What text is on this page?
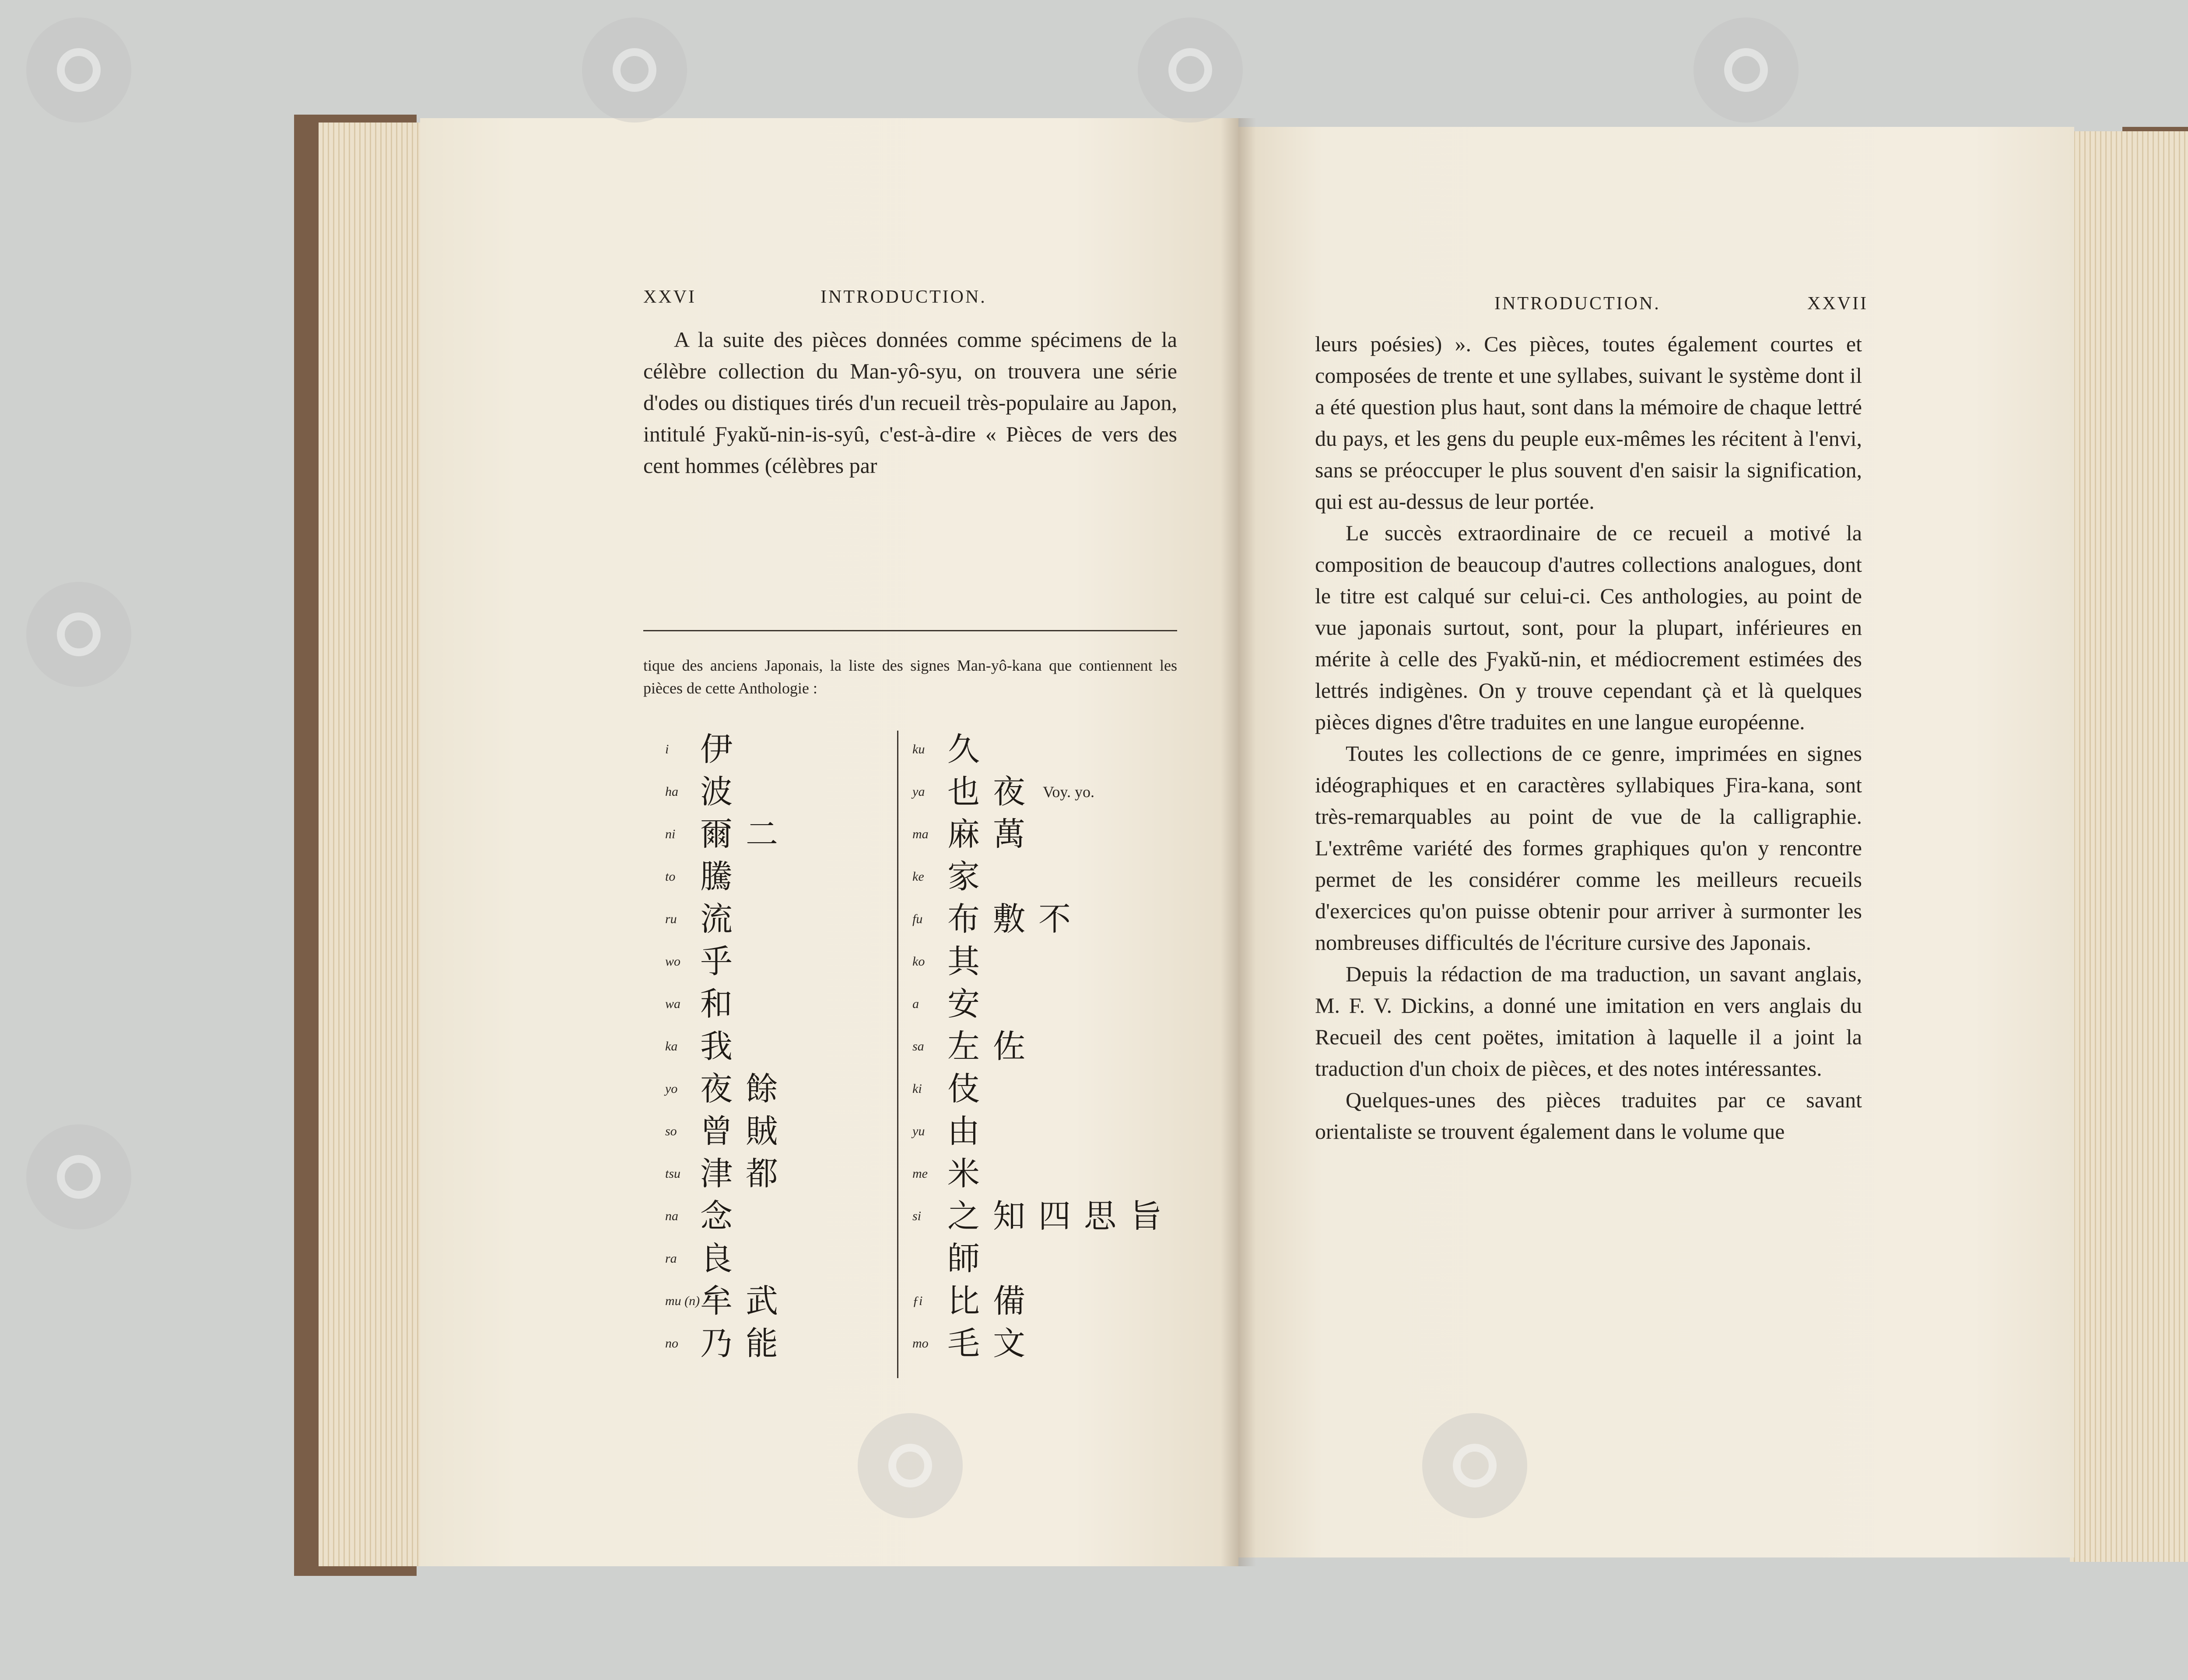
XXVI	INTRODUCTION.

A la suite des pièces données comme spécimens de la célèbre collection du Man-yô-syu, on trouvera une série d'odes ou distiques tirés d'un recueil très-populaire au Japon, intitulé Ƒyakŭ-nin-is-syû, c'est-à-dire « Pièces de vers des cent hommes (célèbres par

tique des anciens Japonais, la liste des signes Man-yô-kana que contiennent les pièces de cette Anthologie :
i 伊
ha 波
ni 爾 二
to 騰
ru 流
wo 乎
wa 和
ka 我
yo 夜 餘
so 曾 賊
tsu 津 都
na 念
ra 良
mu (n) 牟 武
no 乃 能
ku 久
ya 也 夜 Voy. yo.
ma 麻 萬
ke 家
fu 布 敷 不
ko 其
a 安
sa 左 佐
ki 伎
yu 由
me 米
si 之 知 四 思 旨
師
ƒi 比 備
mo 毛 文
INTRODUCTION.	XXVII

leurs poésies) ». Ces pièces, toutes également courtes et composées de trente et une syllabes, suivant le système dont il a été question plus haut, sont dans la mémoire de chaque lettré du pays, et les gens du peuple eux-mêmes les récitent à l'envi, sans se préoccuper le plus souvent d'en saisir la signification, qui est au-dessus de leur portée.

Le succès extraordinaire de ce recueil a motivé la composition de beaucoup d'autres collections analogues, dont le titre est calqué sur celui-ci. Ces anthologies, au point de vue japonais surtout, sont, pour la plupart, inférieures en mérite à celle des Ƒyakŭ-nin, et médiocrement estimées des lettrés indigènes. On y trouve cependant çà et là quelques pièces dignes d'être traduites en une langue européenne.

Toutes les collections de ce genre, imprimées en signes idéographiques et en caractères syllabiques Ƒira-kana, sont très-remarquables au point de vue de la calligraphie. L'extrême variété des formes graphiques qu'on y rencontre permet de les considérer comme les meilleurs recueils d'exercices qu'on puisse obtenir pour arriver à surmonter les nombreuses difficultés de l'écriture cursive des Japonais.

Depuis la rédaction de ma traduction, un savant anglais, M. F. V. Dickins, a donné une imitation en vers anglais du Recueil des cent poëtes, imitation à laquelle il a joint la traduction d'un choix de pièces, et des notes intéressantes.

Quelques-unes des pièces traduites par ce savant orientaliste se trouvent également dans le volume que
